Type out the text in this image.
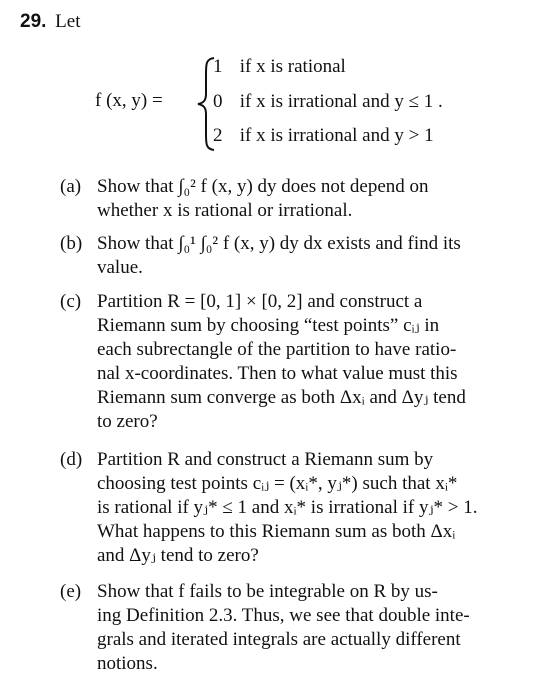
29. Let
f (x, y) =
1 if x is rational
0 if x is irrational and y ≤ 1 .
2 if x is irrational and y > 1
(a) Show that ∫₀² f (x, y) dy does not depend on
whether x is rational or irrational.
(b) Show that ∫₀¹ ∫₀² f (x, y) dy dx exists and find its
value.
(c) Partition R = [0, 1] × [0, 2] and construct a
Riemann sum by choosing “test points” cᵢⱼ in
each subrectangle of the partition to have ratio-
nal x-coordinates. Then to what value must this
Riemann sum converge as both Δxᵢ and Δyⱼ tend
to zero?
(d) Partition R and construct a Riemann sum by
choosing test points cᵢⱼ = (xᵢ*, yⱼ*) such that xᵢ*
is rational if yⱼ* ≤ 1 and xᵢ* is irrational if yⱼ* > 1.
What happens to this Riemann sum as both Δxᵢ
and Δyⱼ tend to zero?
(e) Show that f fails to be integrable on R by us-
ing Definition 2.3. Thus, we see that double inte-
grals and iterated integrals are actually different
notions.
